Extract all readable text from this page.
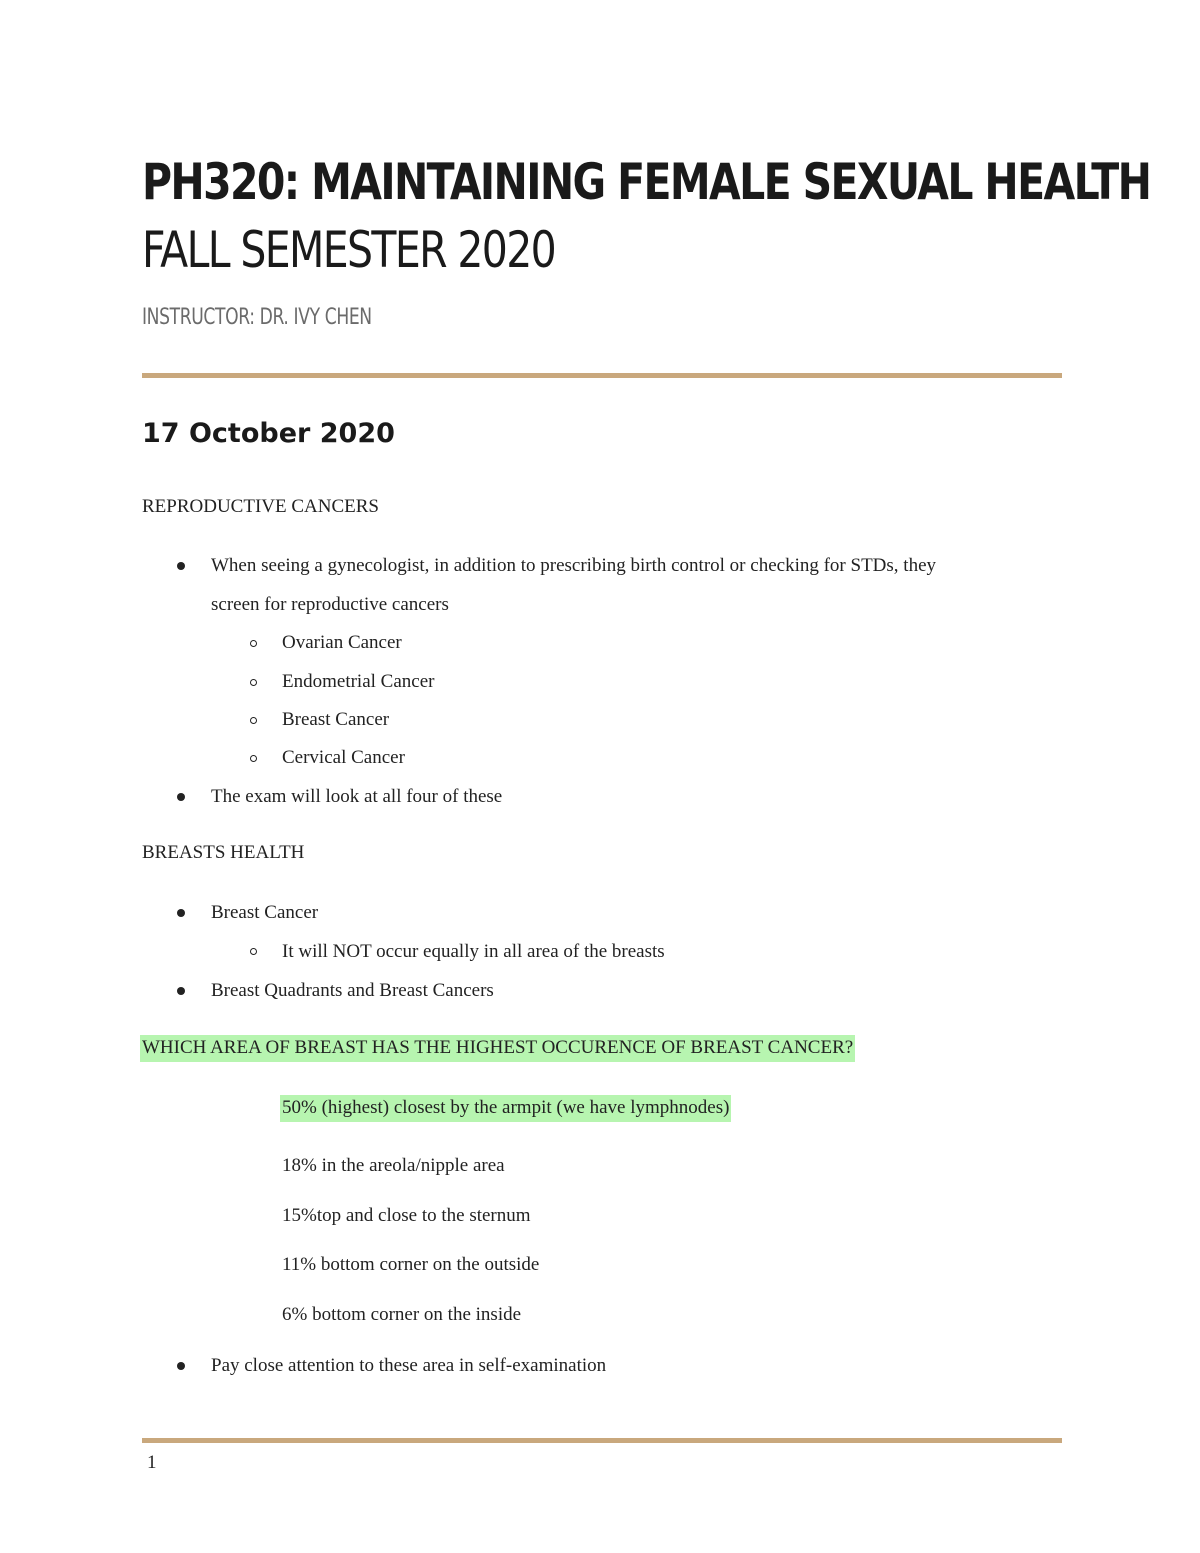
PH320: MAINTAINING FEMALE SEXUAL HEALTH
FALL SEMESTER 2020
INSTRUCTOR: DR. IVY CHEN
17 October 2020
REPRODUCTIVE CANCERS
When seeing a gynecologist, in addition to prescribing birth control or checking for STDs, they
screen for reproductive cancers
Ovarian Cancer
Endometrial Cancer
Breast Cancer
Cervical Cancer
The exam will look at all four of these
BREASTS HEALTH
Breast Cancer
It will NOT occur equally in all area of the breasts
Breast Quadrants and Breast Cancers
WHICH AREA OF BREAST HAS THE HIGHEST OCCURENCE OF BREAST CANCER?
50% (highest) closest by the armpit (we have lymphnodes)
18% in the areola/nipple area
15%top and close to the sternum
11% bottom corner on the outside
6% bottom corner on the inside
Pay close attention to these area in self-examination
1
